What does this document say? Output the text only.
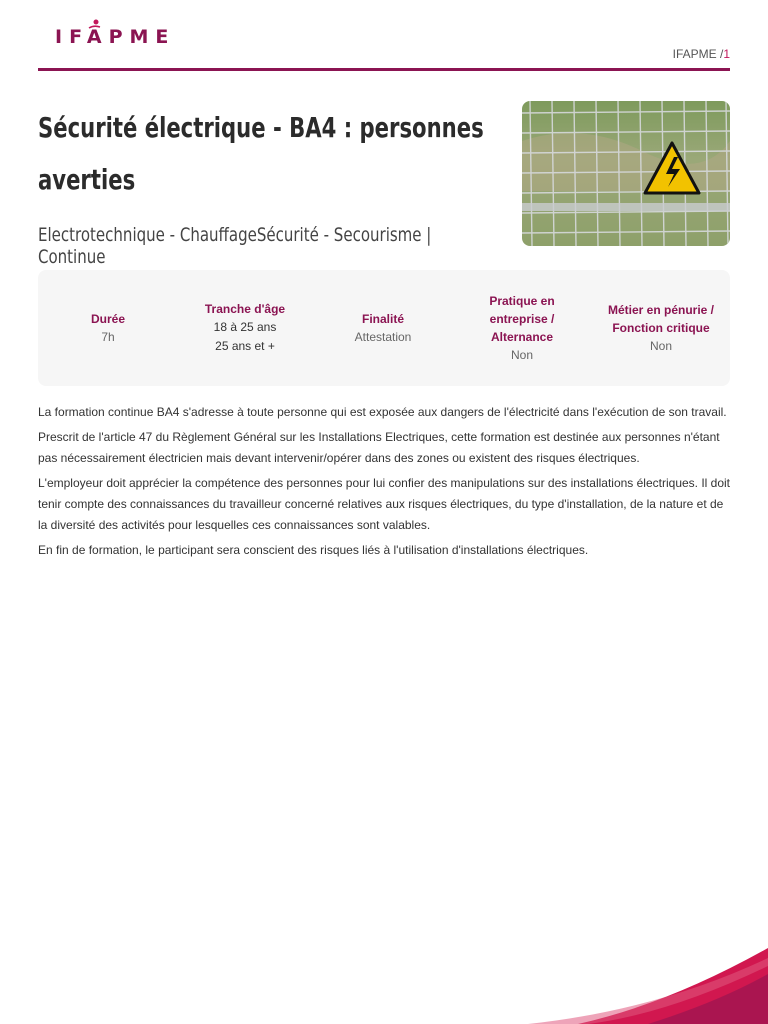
IFAPME
IFAPME /1
Sécurité électrique - BA4 : personnes averties

Electrotechnique - ChauffageSécurité - Secourisme | Continue

Durée
7h
Tranche d'âge
18 à 25 ans
25 ans et +
Finalité
Attestation
Pratique en entreprise / Alternance
Non
Métier en pénurie / Fonction critique
Non

La formation continue BA4 s'adresse à toute personne qui est exposée aux dangers de l'électricité dans l'exécution de son travail.

Prescrit de l'article 47 du Règlement Général sur les Installations Electriques, cette formation est destinée aux personnes n'étant pas nécessairement électricien mais devant intervenir/opérer dans des zones ou existent des risques électriques.

L'employeur doit apprécier la compétence des personnes pour lui confier des manipulations sur des installations électriques. Il doit tenir compte des connaissances du travailleur concerné relatives aux risques électriques, du type d'installation, de la nature et de la diversité des activités pour lesquelles ces connaissances sont valables.

En fin de formation, le participant sera conscient des risques liés à l'utilisation d'installations électriques.
